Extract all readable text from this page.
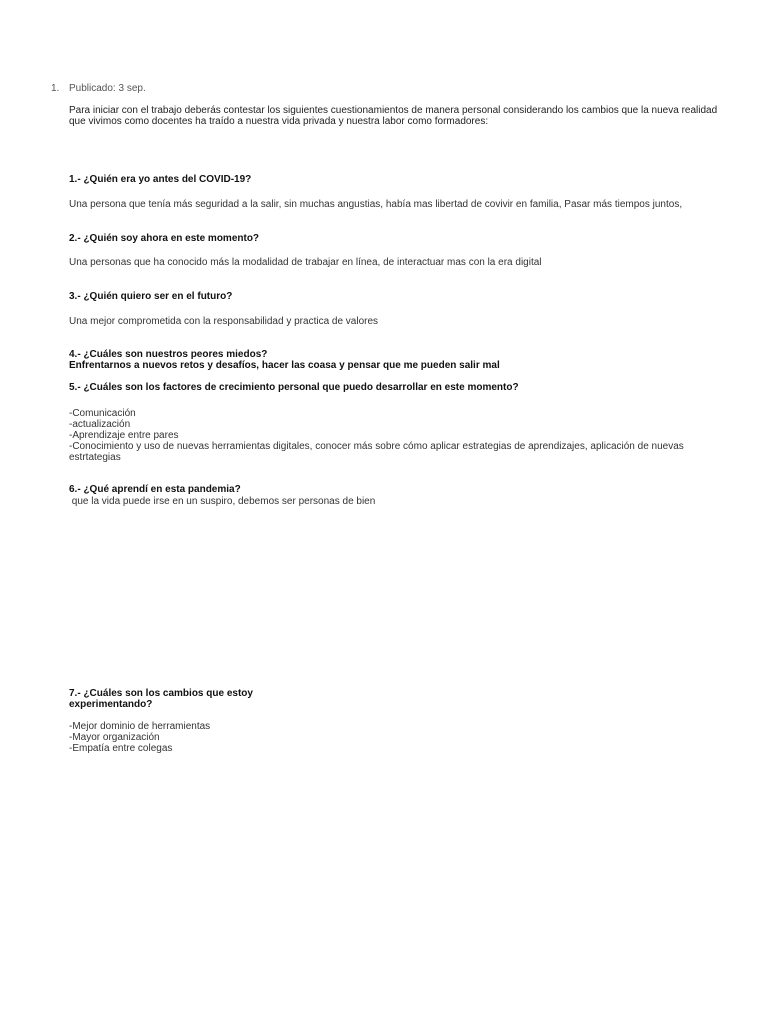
1. Publicado: 3 sep.
Para iniciar con el trabajo deberás contestar los siguientes cuestionamientos de manera personal considerando los cambios que la nueva realidad
que vivimos como docentes ha traído a nuestra vida privada y nuestra labor como formadores:
1.- ¿Quién era yo antes del COVID-19?
Una persona que tenía más seguridad a la salir, sin muchas angustias, había mas libertad de covivir en familia, Pasar más tiempos juntos,
2.- ¿Quién soy ahora en este momento?
Una personas que ha conocido más la modalidad de trabajar en línea, de interactuar mas con la era digital
3.- ¿Quién quiero ser en el futuro?
Una mejor comprometida con la responsabilidad y practica de valores
4.- ¿Cuáles son nuestros peores miedos?
Enfrentarnos a nuevos retos y desafíos, hacer las coasa y pensar que me pueden salir mal
5.- ¿Cuáles son los factores de crecimiento personal que puedo desarrollar en este momento?
-Comunicación
-actualización
-Aprendizaje entre pares
-Conocimiento y uso de nuevas herramientas digitales, conocer más sobre cómo aplicar estrategias de aprendizajes, aplicación de nuevas
estrtategias
6.- ¿Qué aprendí en esta pandemia?
que la vida puede irse en un suspiro, debemos ser personas de bien
7.- ¿Cuáles son los cambios que estoy
experimentando?
-Mejor dominio de herramientas
-Mayor organización
-Empatía entre colegas
